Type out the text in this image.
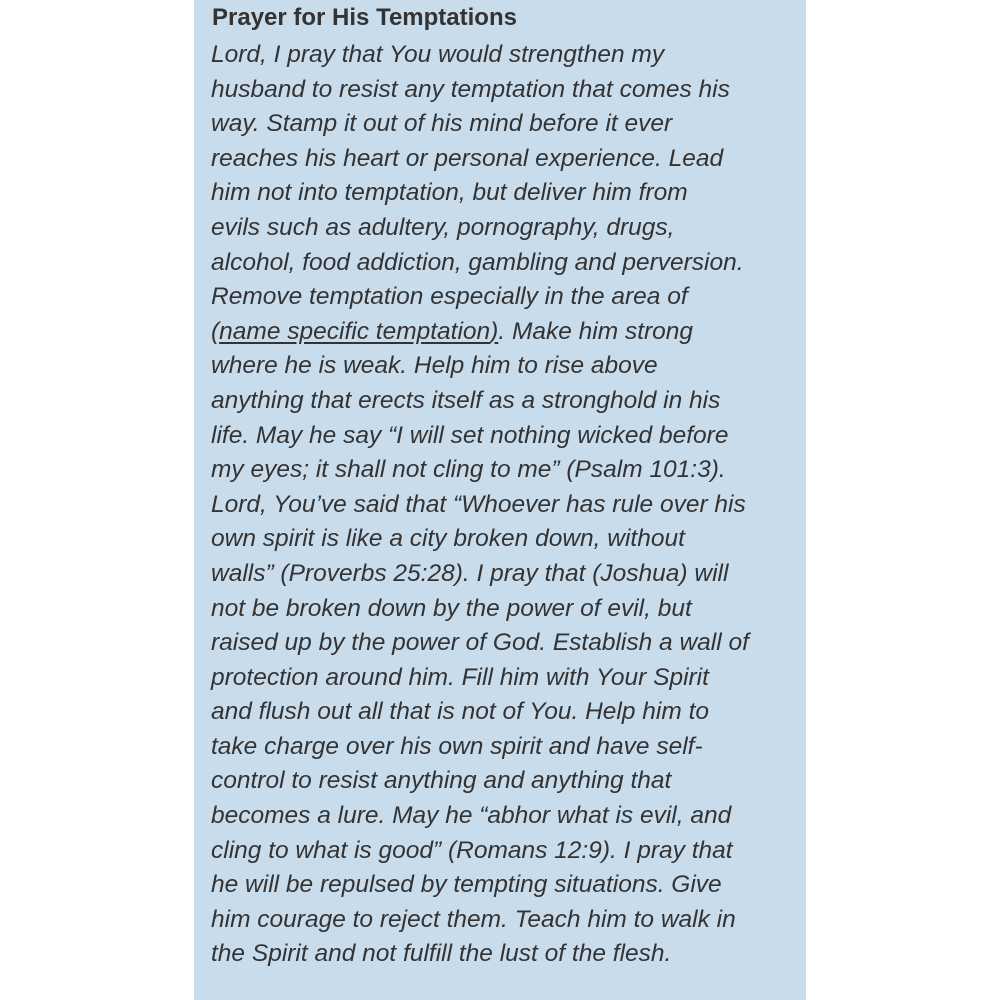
Prayer for His Temptations
Lord, I pray that You would strengthen my
husband to resist any temptation that comes his
way. Stamp it out of his mind before it ever
reaches his heart or personal experience. Lead
him not into temptation, but deliver him from
evils such as adultery, pornography, drugs,
alcohol, food addiction, gambling and perversion.
Remove temptation especially in the area of
(name specific temptation). Make him strong
where he is weak. Help him to rise above
anything that erects itself as a stronghold in his
life. May he say “I will set nothing wicked before
my eyes; it shall not cling to me” (Psalm 101:3).
Lord, You’ve said that “Whoever has rule over his
own spirit is like a city broken down, without
walls” (Proverbs 25:28). I pray that (Joshua) will
not be broken down by the power of evil, but
raised up by the power of God. Establish a wall of
protection around him. Fill him with Your Spirit
and flush out all that is not of You. Help him to
take charge over his own spirit and have self-
control to resist anything and anything that
becomes a lure. May he “abhor what is evil, and
cling to what is good” (Romans 12:9). I pray that
he will be repulsed by tempting situations. Give
him courage to reject them. Teach him to walk in
the Spirit and not fulfill the lust of the flesh.
